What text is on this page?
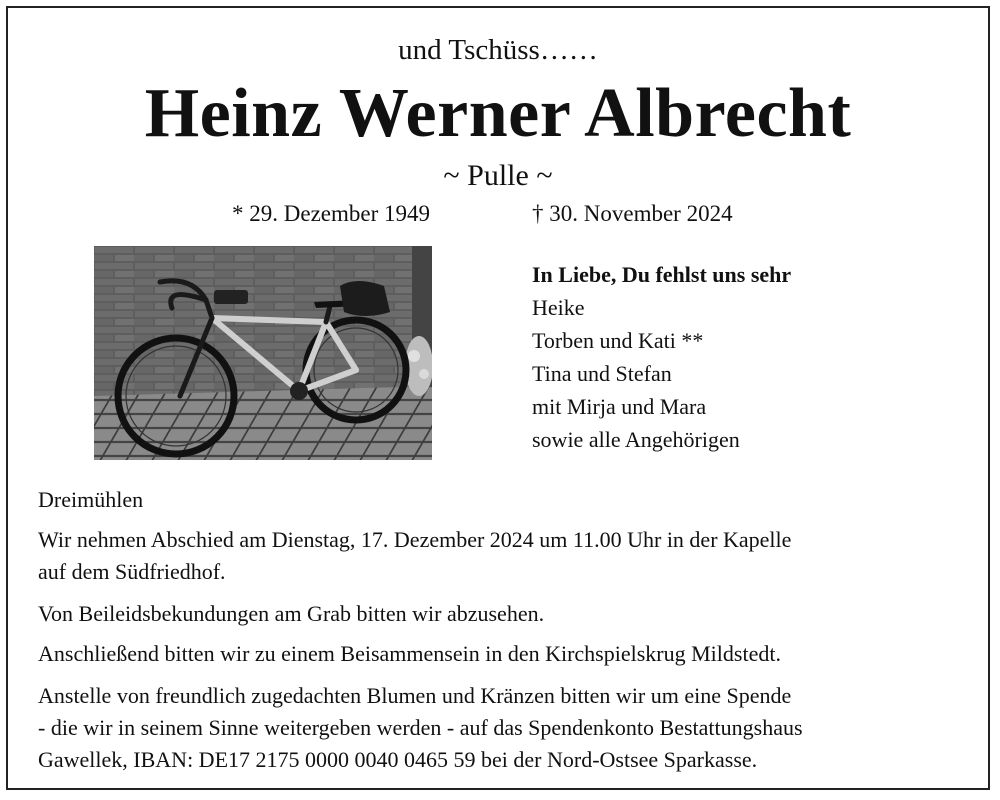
und Tschüss……
Heinz Werner Albrecht
~ Pulle ~
* 29. Dezember 1949	† 30. November 2024
In Liebe, Du fehlst uns sehr
Heike
Torben und Kati **
Tina und Stefan
mit Mirja und Mara
sowie alle Angehörigen
Dreimühlen
Wir nehmen Abschied am Dienstag, 17. Dezember 2024 um 11.00 Uhr in der Kapelle
auf dem Südfriedhof.
Von Beileidsbekundungen am Grab bitten wir abzusehen.
Anschließend bitten wir zu einem Beisammensein in den Kirchspielskrug Mildstedt.
Anstelle von freundlich zugedachten Blumen und Kränzen bitten wir um eine Spende
- die wir in seinem Sinne weitergeben werden - auf das Spendenkonto Bestattungshaus
Gawellek, IBAN: DE17 2175 0000 0040 0465 59 bei der Nord-Ostsee Sparkasse.
